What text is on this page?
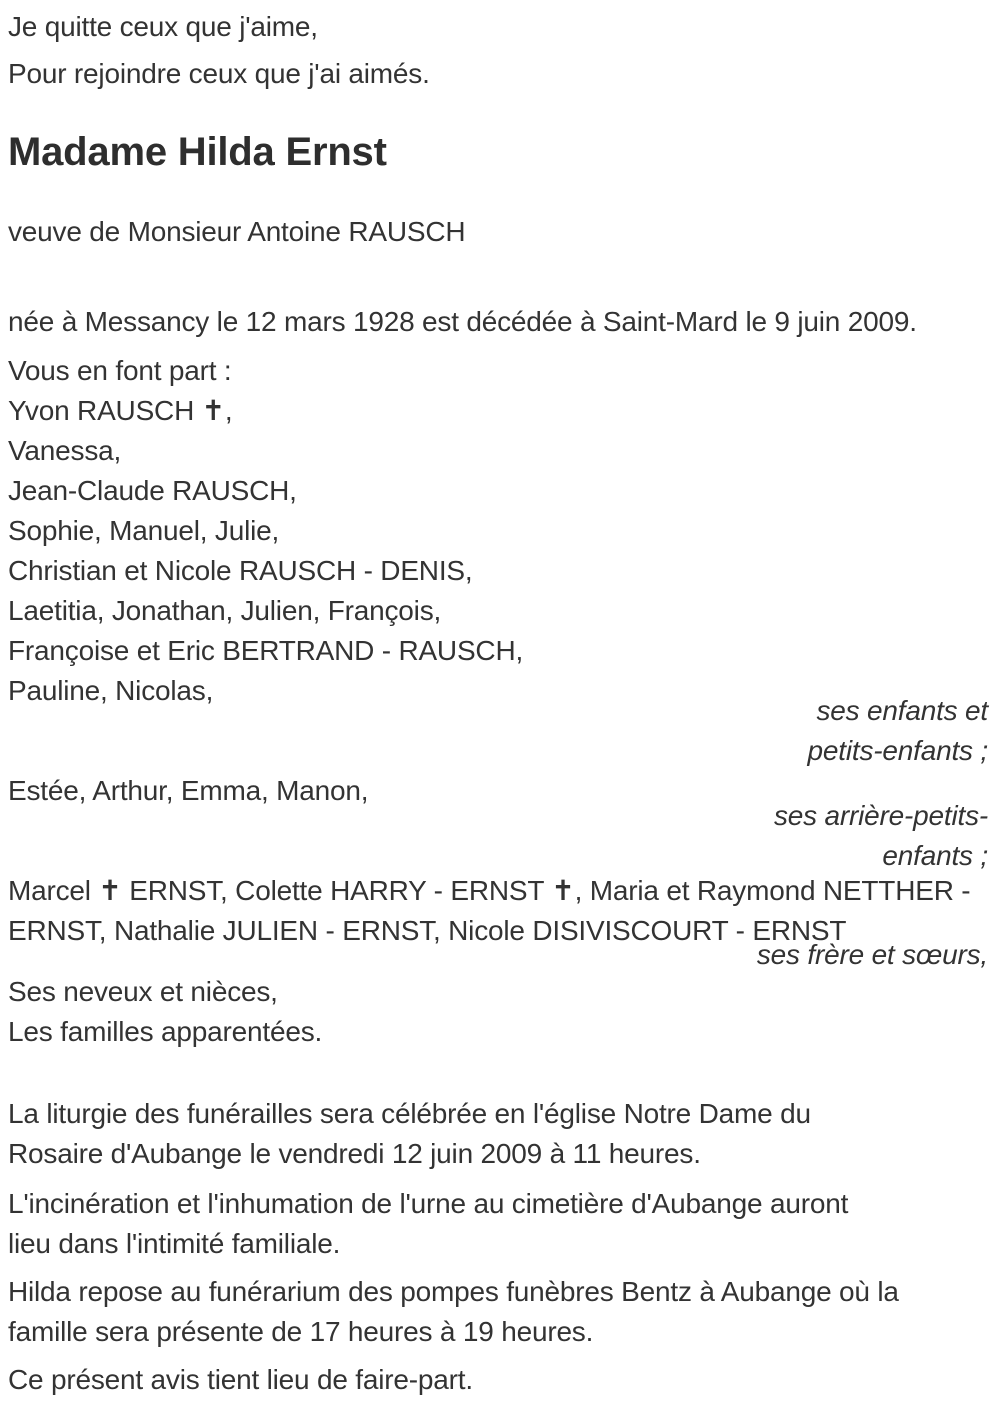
Je quitte ceux que j'aime,

Pour rejoindre ceux que j'ai aimés.

Madame Hilda Ernst

veuve de Monsieur Antoine RAUSCH

née à Messancy le 12 mars 1928 est décédée à Saint-Mard le 9 juin 2009.

Vous en font part :
Yvon RAUSCH ✝,
Vanessa,
Jean-Claude RAUSCH,
Sophie, Manuel, Julie,
Christian et Nicole RAUSCH - DENIS,
Laetitia, Jonathan, Julien, François,
Françoise et Eric BERTRAND - RAUSCH,
Pauline, Nicolas,
ses enfants et
petits-enfants ;

Estée, Arthur, Emma, Manon,

ses arrière-petits-
enfants ;
Marcel ✝ ERNST, Colette HARRY - ERNST ✝, Maria et Raymond NETTHER -
ERNST, Nathalie JULIEN - ERNST, Nicole DISIVISCOURT - ERNST
ses frère et sœurs,
Ses neveux et nièces,
Les familles apparentées.

La liturgie des funérailles sera célébrée en l'église Notre Dame du
Rosaire d'Aubange le vendredi 12 juin 2009 à 11 heures.

L'incinération et l'inhumation de l'urne au cimetière d'Aubange auront
lieu dans l'intimité familiale.

Hilda repose au funérarium des pompes funèbres Bentz à Aubange où la
famille sera présente de 17 heures à 19 heures.

Ce présent avis tient lieu de faire-part.
